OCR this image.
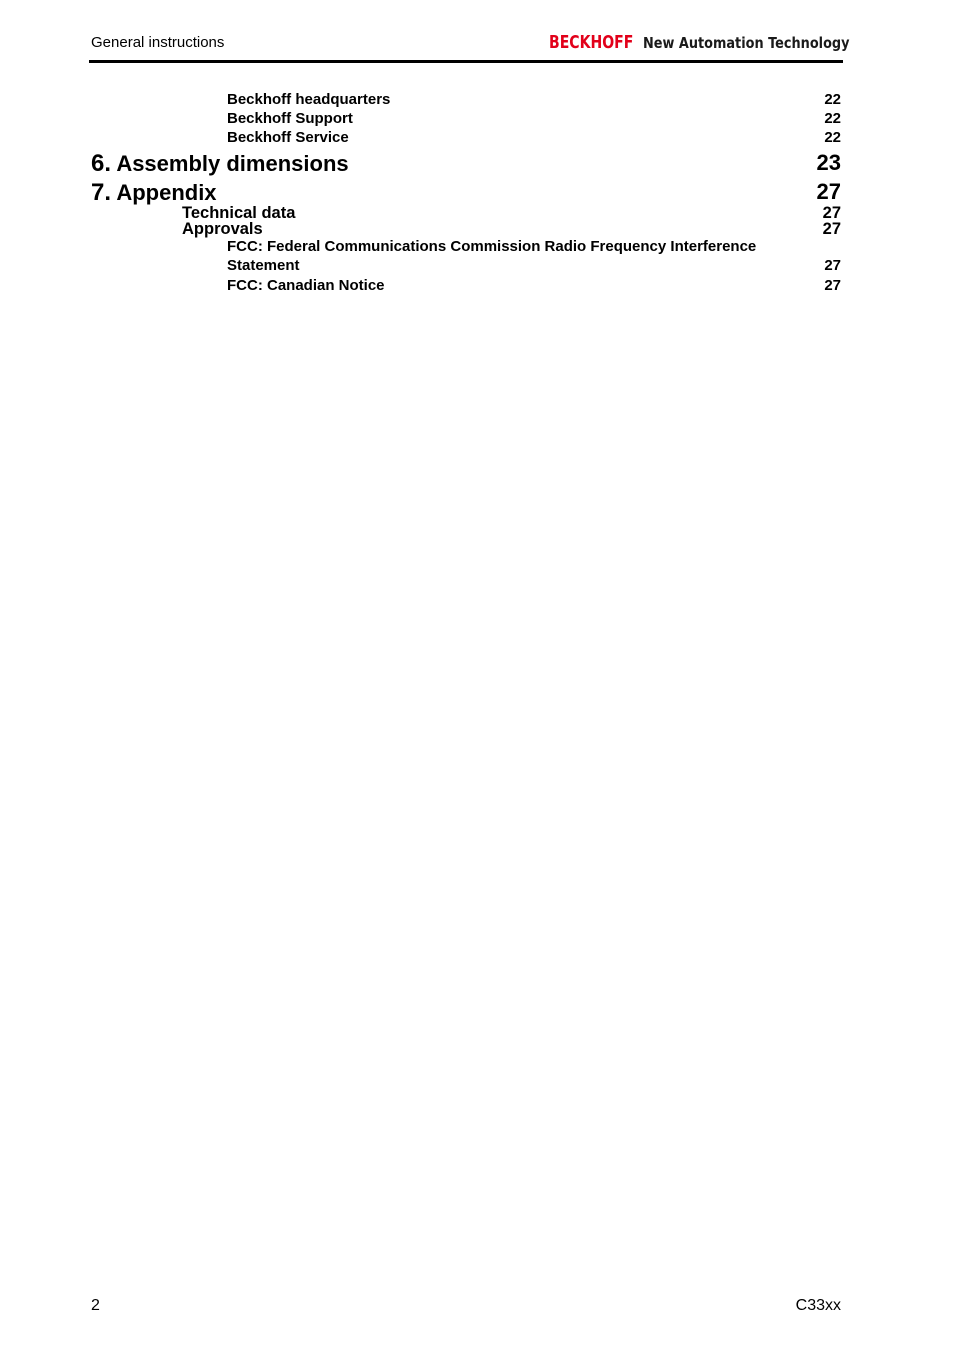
General instructions	BECKHOFF New Automation Technology
Beckhoff headquarters	22
Beckhoff Support	22
Beckhoff Service	22
6. Assembly dimensions	23
7. Appendix	27
Technical data	27
Approvals	27
FCC: Federal Communications Commission Radio Frequency Interference
Statement	27
FCC: Canadian Notice	27
2	C33xx
